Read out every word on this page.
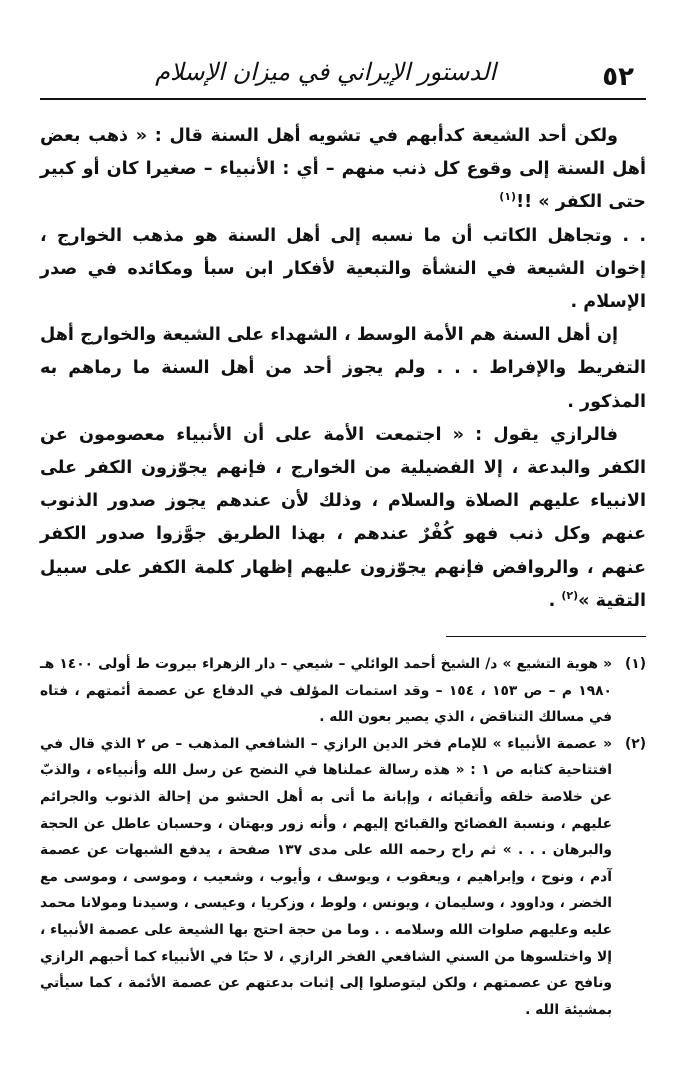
٥٢
الدستور الإيراني في ميزان الإسلام

ولكن أحد الشيعة كدأبهم في تشويه أهل السنة قال : « ذهب بعض أهل السنة إلى وقوع كل ذنب منهم – أي : الأنبياء – صغيرا كان أو كبير حتى الكفر » !!$^{(١)}$

. . وتجاهل الكاتب أن ما نسبه إلى أهل السنة هو مذهب الخوارج ، إخوان الشيعة في النشأة والتبعية لأفكار ابن سبأ ومكائده في صدر الإسلام .

إن أهل السنة هم الأمة الوسط ، الشهداء على الشيعة والخوارج أهل التفريط والإفراط . . . ولم يجوز أحد من أهل السنة ما رماهم به المذكور .

فالرازي يقول : « اجتمعت الأمة على أن الأنبياء معصومون عن الكفر والبدعة ، إلا الفضيلية من الخوارج ، فإنهم يجوّزون الكفر على الانبياء عليهم الصلاة والسلام ، وذلك لأن عندهم يجوز صدور الذنوب عنهم وكل ذنب فهو كُفْرٌ عندهم ، بهذا الطريق جوَّزوا صدور الكفر عنهم ، والروافض فإنهم يجوّزون عليهم إظهار كلمة الكفر على سبيل التقية »$^{(٢)}$ .

(١)
« هوية التشيع » د/ الشيخ أحمد الوائلي – شيعي – دار الزهراء بيروت ط أولى ١٤٠٠ هـ ١٩٨٠ م – ص ١٥٣ ، ١٥٤ – وقد استمات المؤلف في الدفاع عن عصمة أئمتهم ، فتاه في مسالك التناقض ، الذي يصير بعون الله .
(٢)
« عصمة الأنبياء » للإمام فخر الدين الرازي – الشافعي المذهب – ص ٢ الذي قال في افتتاحية كتابه ص ١ : « هذه رسالة عملناها في النضح عن رسل الله وأنبياءه ، والذبّ عن خلاصة خلقه وأتقيائه ، وإبانة ما أتى به أهل الحشو من إحالة الذنوب والجرائم عليهم ، ونسبة الفضائح والقبائح إليهم ، وأنه زور وبهتان ، وحسبان عاطل عن الحجة والبرهان . . . » ثم راح رحمه الله على مدى ١٣٧ صفحة ، يدفع الشبهات عن عصمة آدم ، ونوح ، وإبراهيم ، ويعقوب ، ويوسف ، وأيوب ، وشعيب ، وموسى ، وموسى مع الخضر ، وداوود ، وسليمان ، ويونس ، ولوط ، وزكريا ، وعيسى ، وسيدنا ومولانا محمد عليه وعليهم صلوات الله وسلامه . . وما من حجة احتج بها الشيعة على عصمة الأنبياء ، إلا واختلسوها من السني الشافعي الفخر الرازي ، لا حبًا في الأنبياء كما أحبهم الرازي ونافح عن عصمتهم ، ولكن ليتوصلوا إلى إثبات بدعتهم عن عصمة الأئمة ، كما سيأتي بمشيئة الله .
